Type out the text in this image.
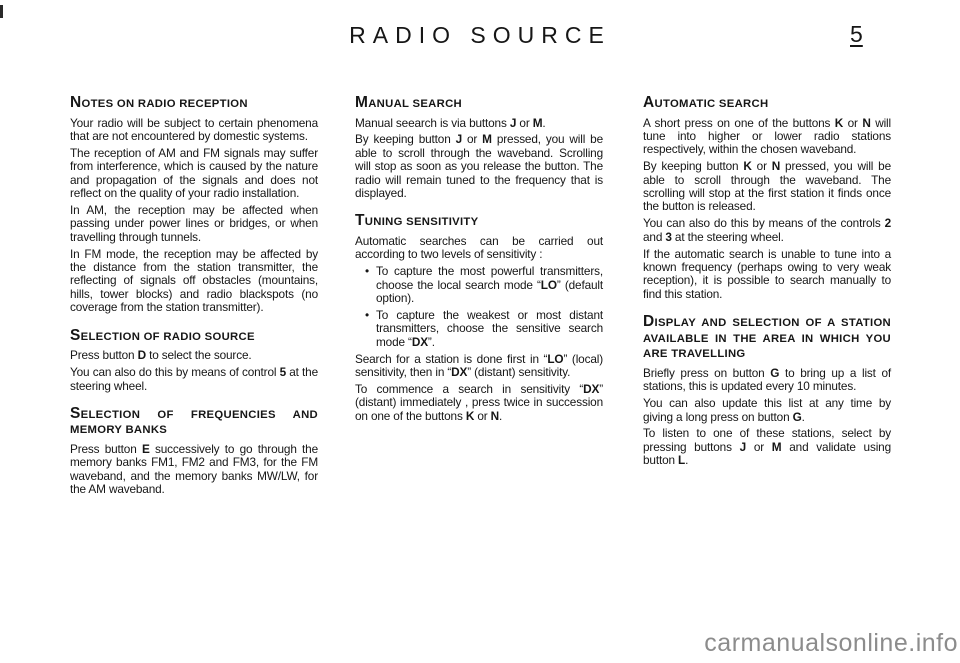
RADIO SOURCE	5
NOTES ON RADIO RECEPTION

Your radio will be subject to certain phenomena that are not encountered by domestic systems.

The reception of AM and FM signals may suffer from interference, which is caused by the nature and propagation of the signals and does not reflect on the quality of your radio installation.

In AM, the reception may be affected when passing under power lines or bridges, or when travelling through tunnels.

In FM mode, the reception may be affected by the distance from the station transmitter, the reflecting of signals off obstacles (mountains, hills, tower blocks) and radio blackspots (no coverage from the station transmitter).

SELECTION OF RADIO SOURCE

Press button D to select the source.

You can also do this by means of control 5 at the steering wheel.

SELECTION OF FREQUENCIES AND MEMORY BANKS

Press button E successively to go through the memory banks FM1, FM2 and FM3, for the FM waveband, and the memory banks MW/LW, for the AM waveband.

MANUAL SEARCH

Manual seearch is via buttons J or M.

By keeping button J or M pressed, you will be able to scroll through the waveband. Scrolling will stop as soon as you release the button. The radio will remain tuned to the frequency that is displayed.

TUNING SENSITIVITY

Automatic searches can be carried out according to two levels of sensitivity :

• To capture the most powerful transmitters, choose the local search mode “LO” (default option).

• To capture the weakest or most distant transmitters, choose the sensitive search mode “DX”.

Search for a station is done first in “LO” (local) sensitivity, then in “DX” (distant) sensitivity.

To commence a search in sensitivity “DX” (distant) immediately , press twice in succession on one of the buttons K or N.

AUTOMATIC SEARCH

A short press on one of the buttons K or N will tune into higher or lower radio stations respectively, within the chosen waveband.

By keeping button K or N pressed, you will be able to scroll through the waveband. The scrolling will stop at the first station it finds once the button is released.

You can also do this by means of the controls 2 and 3 at the steering wheel.

If the automatic search is unable to tune into a known frequency (perhaps owing to very weak reception), it is possible to search manually to find this station.

DISPLAY AND SELECTION OF A STATION AVAILABLE IN THE AREA IN WHICH YOU ARE TRAVELLING

Briefly press on button G to bring up a list of stations, this is updated every 10 minutes.

You can also update this list at any time by giving a long press on button G.

To listen to one of these stations, select by pressing buttons J or M and validate using button L.

carmanualsonline.info
